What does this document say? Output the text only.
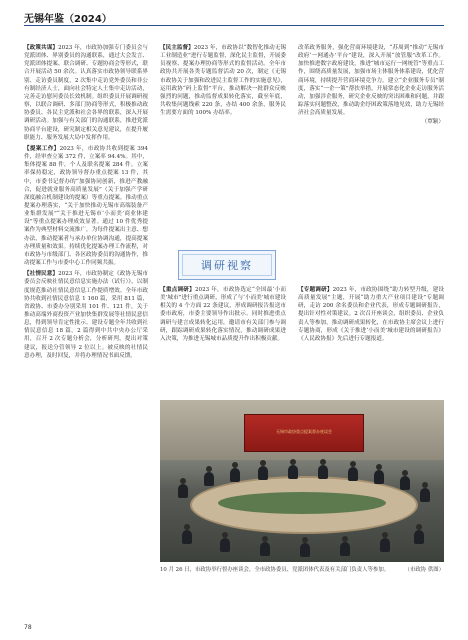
无锡年鉴（2024）

【政策共谋】2023 年，市政协加强专门委员会与党派团体、界别委员的沟通联系，通过大会发言、党派团体提案、联合调研、专题协商会等形式，联合开展活动 50 余次。认真落实市政协领导联系界别、走访委员制度，2 次集中走访党外委员和非公有制经济人士，面向社会特定人士集中走访活动，完善走访慰问委员长效机制。组织委员开展调研视察，以联合调研、多部门协商等形式，积极推动政协委员、各民主党派和社会各界的联系，深入开展调研活动。加强与有关部门的沟通联系，推进党派协商平台建设，研究制定相关意见建议，在提升履职能力、服务发展大局中发挥作用。

【提案工作】2023 年，市政协共收到提案 394 件，经审查立案 372 件，立案率 94.4%。其中，集体提案 88 件，个人及联名提案 284 件。立案率保持稳定，政协领导督办重点提案 13 件，其中，市委书记督办的“加强协同创新，推进产教融合，促进就业服务高质量发展”（关于加强产学研深度融合机制建设的提案）等重点提案。推动重点提案办理落实，“关于加快推动无锡市高端装备产业集群发展”“关于推进无锡市‘小而美’商业体建设”等重点提案办理成效显著。通过 10 件优秀提案作为典型材料交流推广，为每件提案出主意、想办法，推动提案者与承办单位协调沟通，提高提案办理质量和效果。持续优化提案办理工作流程，对市政协与市级部门、各区政协委员的沟通协作，推动提案工作与市委中心工作同频共振。

【社情民意】2023 年，市政协制定《政协无锡市委员会反映社情民意信息实施办法（试行）》，以制度规范推动社情民意信息工作提质增效。全年市政协共收到社情民意信息 1 160 篇，采用 811 篇，省政协、市委办分别采用 101 件、121 件，关于推动高端外商投资产业加快集群发展等社情民意信息，得到领导肯定性批示。建设专题全年共收到社情民意信息 18 篇，2 篇得到中共中央办公厅采用，召开 2 次专题分析会，分析研判，提出对策建议，报送分管领导 2 位以上。被反映的社情民意办理，及时回复，并将办理情况书面反馈。

【民主监督】2023 年，市政协以“数智化推动无锡工业制造业”进行专题监督，深化民主监督，开展委员视察、提案办理协商等形式的监督活动。全年市政协共开展各类专题监督活动 20 次，制定《无锡市政协关于加强和改进民主监督工作的实施意见》，运用政协“码上监督”平台，推动解决一批群众反映强烈的问题，推动监督成果转化落实，截至年底，共收集问题线索 220 条，办结 400 余条，服务民生需要方面的 100% 办结率。

改革政务服务，强化营商环境建设，“苏周到”推动“无锡市政府‘一网通办’平台”建设，深入开展“放管服”改革工作。加快推进数字政府建设，推进“城市运行一网统管”等重点工作，围绕高质量发展，加强市场主体服务体系建设，优化营商环境，持续提升营商环境竞争力。建立“企业服务专员”制度，落实“一企一策”帮扶举措，开展常态化企业走访服务活动，加强涉企服务，研究企业反映的突出困难和问题，并跟踪落实问题整改，推动助企纾困政策落地见效，助力无锡经济社会高质量发展。
（覃颖）

调研视察

【重点调研】2023 年，市政协选定“全国最‘小而美’城市”进行重点调研，形成了与‘小而美’城市建设相关的 4 个方面 22 条建议，形成调研报告报送市委市政府，市委主要领导作出批示。同时推进重点调研与建言成果转化运用，邀请市有关部门参与调研，跟踪调研成果转化落实情况，推动调研成果进入决策，为推进无锡城市品质提升作出积极贡献。

【专题调研】2023 年，市政协围绕“助力转型升级，建设高质量发展”主题，开展“助力重大产业项目建设”专题调研，走访 200 余名委员和企业代表，形成专题调研报告，提出针对性对策建议。2 次召开座谈会，组织委员、企业负责人等参加，推动调研成果转化，在市政协主席会议上进行专题协商，形成《关于推进‘小而美’城市建设的调研报告》《人民政协报》先后进行专题报道。

无锡市政协重点提案督办座谈会
10 月 26 日，市政协举行督办座谈会，全市政协委员、党派团体代表及有关部门负责人等参加。	（市政协 供图）
78
